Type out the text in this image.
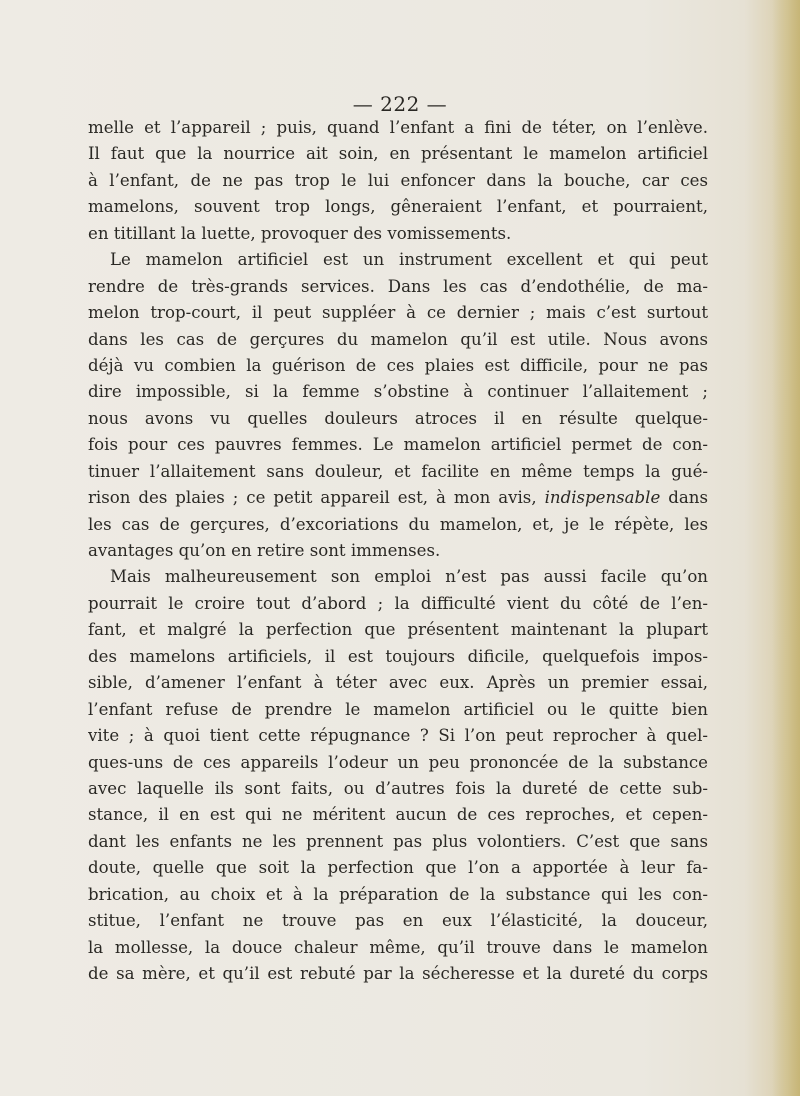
— 222 —
melle et l’appareil ; puis, quand l’enfant a fini de téter, on l’enlève.
Il faut que la nourrice ait soin, en présentant le mamelon artificiel
à l’enfant, de ne pas trop le lui enfoncer dans la bouche, car ces
mamelons, souvent trop longs, gêneraient l’enfant, et pourraient,
en titillant la luette, provoquer des vomissements.
Le mamelon artificiel est un instrument excellent et qui peut
rendre de très-grands services. Dans les cas d’endothélie, de ma-
melon trop-court, il peut suppléer à ce dernier ; mais c’est surtout
dans les cas de gerçures du mamelon qu’il est utile. Nous avons
déjà vu combien la guérison de ces plaies est difficile, pour ne pas
dire impossible, si la femme s’obstine à continuer l’allaitement ;
nous avons vu quelles douleurs atroces il en résulte quelque-
fois pour ces pauvres femmes. Le mamelon artificiel permet de con-
tinuer l’allaitement sans douleur, et facilite en même temps la gué-
rison des plaies ; ce petit appareil est, à mon avis, indispensable dans
les cas de gerçures, d’excoriations du mamelon, et, je le répète, les
avantages qu’on en retire sont immenses.
Mais malheureusement son emploi n’est pas aussi facile qu’on
pourrait le croire tout d’abord ; la difficulté vient du côté de l’en-
fant, et malgré la perfection que présentent maintenant la plupart
des mamelons artificiels, il est toujours dificile, quelquefois impos-
sible, d’amener l’enfant à téter avec eux. Après un premier essai,
l’enfant refuse de prendre le mamelon artificiel ou le quitte bien
vite ; à quoi tient cette répugnance ? Si l’on peut reprocher à quel-
ques-uns de ces appareils l’odeur un peu prononcée de la substance
avec laquelle ils sont faits, ou d’autres fois la dureté de cette sub-
stance, il en est qui ne méritent aucun de ces reproches, et cepen-
dant les enfants ne les prennent pas plus volontiers. C’est que sans
doute, quelle que soit la perfection que l’on a apportée à leur fa-
brication, au choix et à la préparation de la substance qui les con-
stitue, l’enfant ne trouve pas en eux l’élasticité, la douceur,
la mollesse, la douce chaleur même, qu’il trouve dans le mamelon
de sa mère, et qu’il est rebuté par la sécheresse et la dureté du corps
